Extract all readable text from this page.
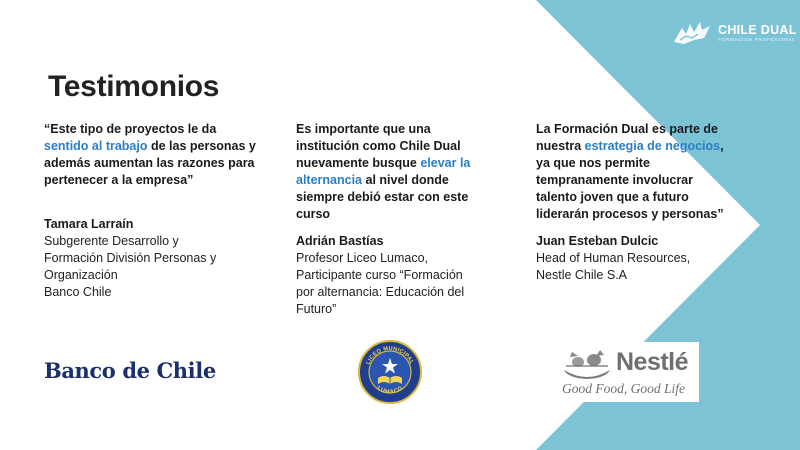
CHILE DUAL
FORMACIÓN PROFESIONAL
Testimonios

“Este tipo de proyectos le da sentido al trabajo de las personas y además aumentan las razones para pertenecer a la empresa”

Tamara Larraín

Subgerente Desarrollo y

Formación División Personas y

Organización

Banco Chile

Es importante que una institución como Chile Dual nuevamente busque elevar la alternancia al nivel donde siempre debió estar con este curso

Adrián Bastías

Profesor Liceo Lumaco,

Participante curso “Formación

por alternancia: Educación del

Futuro”

La Formación Dual es parte de nuestra estrategia de negocios, ya que nos permite tempranamente involucrar talento joven que a futuro liderarán procesos y personas”

Juan Esteban Dulcic

Head of Human Resources,

Nestle Chile S.A

Banco de Chile	LICEO MUNICIPAL
LUMACO
Nestlé
Good Food, Good Life
